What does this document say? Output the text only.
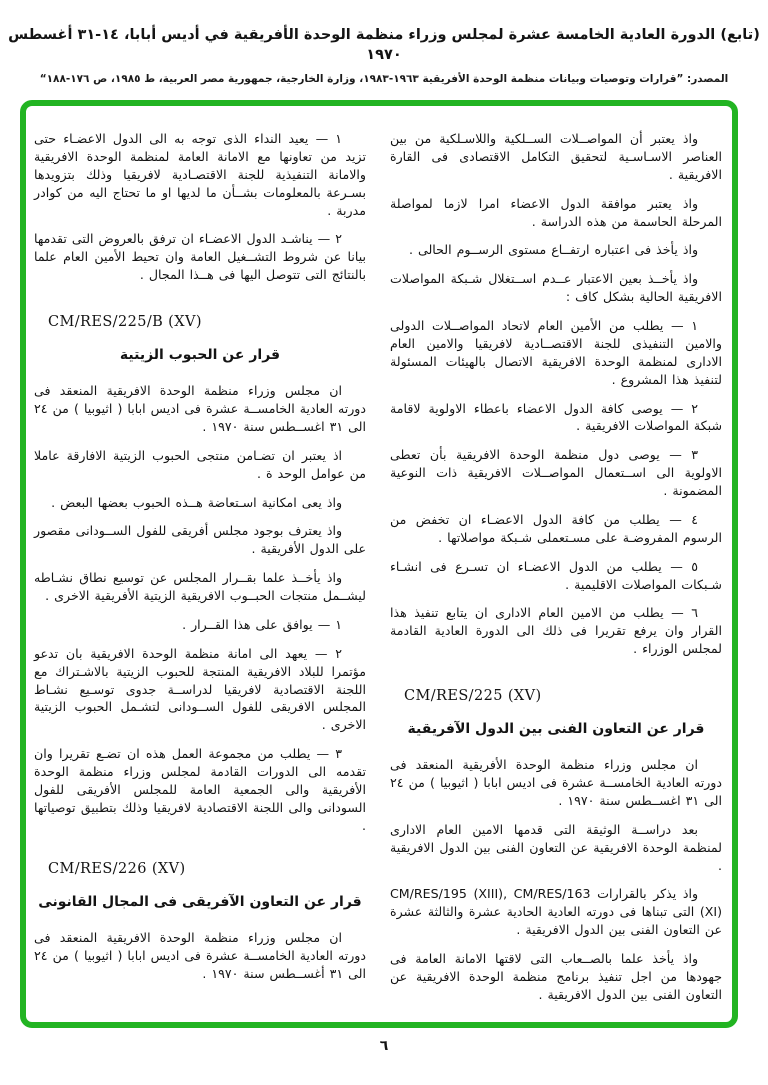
(تابع) الدورة العادية الخامسة عشرة لمجلس وزراء منظمة الوحدة الأفريقية في أديس أبابا، ١٤-٣١ أغسطس ١٩٧٠
المصدر: ”قرارات وتوصيات وبيانات منظمة الوحدة الأفريقية ١٩٦٣-١٩٨٣، وزارة الخارجية، جمهورية مصر العربية، ط ١٩٨٥، ص ١٧٦-١٨٨“

واذ يعتبر أن المواصــلات الســلكية واللاسـلكية من بين العناصر الاسـاسـية لتحقيق التكامل الاقتصادى فى القارة الافريقية .

واذ يعتبر موافقة الدول الاعضاء امرا لازما لمواصلة المرحلة الحاسمة من هذه الدراسة .

واذ يأخذ فى اعتباره ارتفــاع مستوى الرســوم الحالى .

واذ يأخــذ بعين الاعتبار عــدم اســتغلال شـبكة المواصلات الافريقية الحالية بشكل كاف :

١ — يطلب من الأمين العام لاتحاد المواصــلات الدولى والامين التنفيذى للجنة الاقتصــادية لافريقيا والامين العام الادارى لمنظمة الوحدة الافريقية الاتصال بالهيئات المسئولة لتنفيذ هذا المشروع .

٢ — يوصى كافة الدول الاعضاء باعطاء الاولوية لاقامة شبكة المواصلات الافريقية .

٣ — يوصى دول منظمة الوحدة الافريقية بأن تعطى الاولوية الى اســتعمال المواصــلات الافريقية ذات النوعية المضمونة .

٤ — يطلب من كافة الدول الاعضـاء ان تخفض من الرسوم المفروضـة على مسـتعملى شـبكة مواصلاتها .

٥ — يطلب من الدول الاعضـاء ان تسـرع فى انشـاء شـبكات المواصلات الاقليمية .

٦ — يطلب من الامين العام الادارى ان يتابع تنفيذ هذا القرار وان يرفع تقريرا فى ذلك الى الدورة العادية القادمة لمجلس الوزراء .

CM/RES/225 (XV)
قرار عن التعاون الفنى بين الدول الآفريقية

ان مجلس وزراء منظمة الوحدة الأفريقية المنعقد فى دورته العادية الخامســة عشرة فى اديس ابابا ( اثيوبيا ) من ٢٤ الى ٣١ اغســطس سنة ١٩٧٠ .

بعد دراســة الوثيقة التى قدمها الامين العام الادارى لمنظمة الوحدة الافريقية عن التعاون الفنى بين الدول الافريقية .

واذ يذكر بالقرارات CM/RES/195 (XIII), CM/RES/163 (XI) التى تبناها فى دورته العادية الحادية عشرة والثالثة عشرة عن التعاون الفنى بين الدول الافريقية .

واذ يأخذ علما بالصــعاب التى لاقتها الامانة العامة فى جهودها من اجل تنفيذ برنامج منظمة الوحدة الافريقية عن التعاون الفنى بين الدول الافريقية .

١ — يعيد النداء الذى توجه به الى الدول الاعضـاء حتى تزيد من تعاونها مع الامانة العامة لمنظمة الوحدة الافريقية والامانة التنفيذية للجنة الاقتصـادية لافريقيا وذلك بتزويدها بسـرعة بالمعلومات بشــأن ما لديها او ما تحتاج اليه من كوادر مدربة .

٢ — يناشـد الدول الاعضـاء ان ترفق بالعروض التى تقدمها بيانا عن شروط التشــغيل العامة وان تحيط الأمين العام علما بالنتائج التى تتوصل اليها فى هــذا المجال .

CM/RES/225/B (XV)
قرار عن الحبوب الزيتية

ان مجلس وزراء منظمة الوحدة الافريقية المنعقد فى دورته العادية الخامســة عشرة فى اديس ابابا ( اثيوبيا ) من ٢٤ الى ٣١ اغســطس سنة ١٩٧٠ .

اذ يعتبر ان تضـامن منتجى الحبوب الزيتية الافارقة عاملا من عوامل الوحد ة .

واذ يعى امكانية اسـتعاضة هــذه الحبوب بعضها البعض .

واذ يعترف بوجود مجلس أفريقى للفول الســودانى مقصور على الدول الأفريقية .

واذ يأخــذ علما بقــرار المجلس عن توسيع نطاق نشـاطه ليشــمل منتجات الحبــوب الافريقية الزيتية الأفريقية الاخرى .

١ — يوافق على هذا القــرار .

٢ — يعهد الى امانة منظمة الوحدة الافريقية بان تدعو مؤتمرا للبلاد الافريقية المنتجة للحبوب الزيتية بالاشـتراك مع اللجنة الاقتصادية لافريقيا لدراســة جدوى توسـيع نشـاط المجلس الافريقى للفول الســودانى لتشـمل الحبوب الزيتية الاخرى .

٣ — يطلب من مجموعة العمل هذه ان تضـع تقريرا وان تقدمه الى الدورات القادمة لمجلس وزراء منظمة الوحدة الأفريقية والى الجمعية العامة للمجلس الأفريقى للفول السودانى والى اللجنة الاقتصادية لافريقيا وذلك بتطبيق توصياتها .

CM/RES/226 (XV)
قرار عن التعاون الآفريقى فى المجال القانونى

ان مجلس وزراء منظمة الوحدة الافريقية المنعقد فى دورته العادية الخامســة عشرة فى اديس ابابا ( اثيوبيا ) من ٢٤ الى ٣١ أغســطس سنة ١٩٧٠ .

٦
